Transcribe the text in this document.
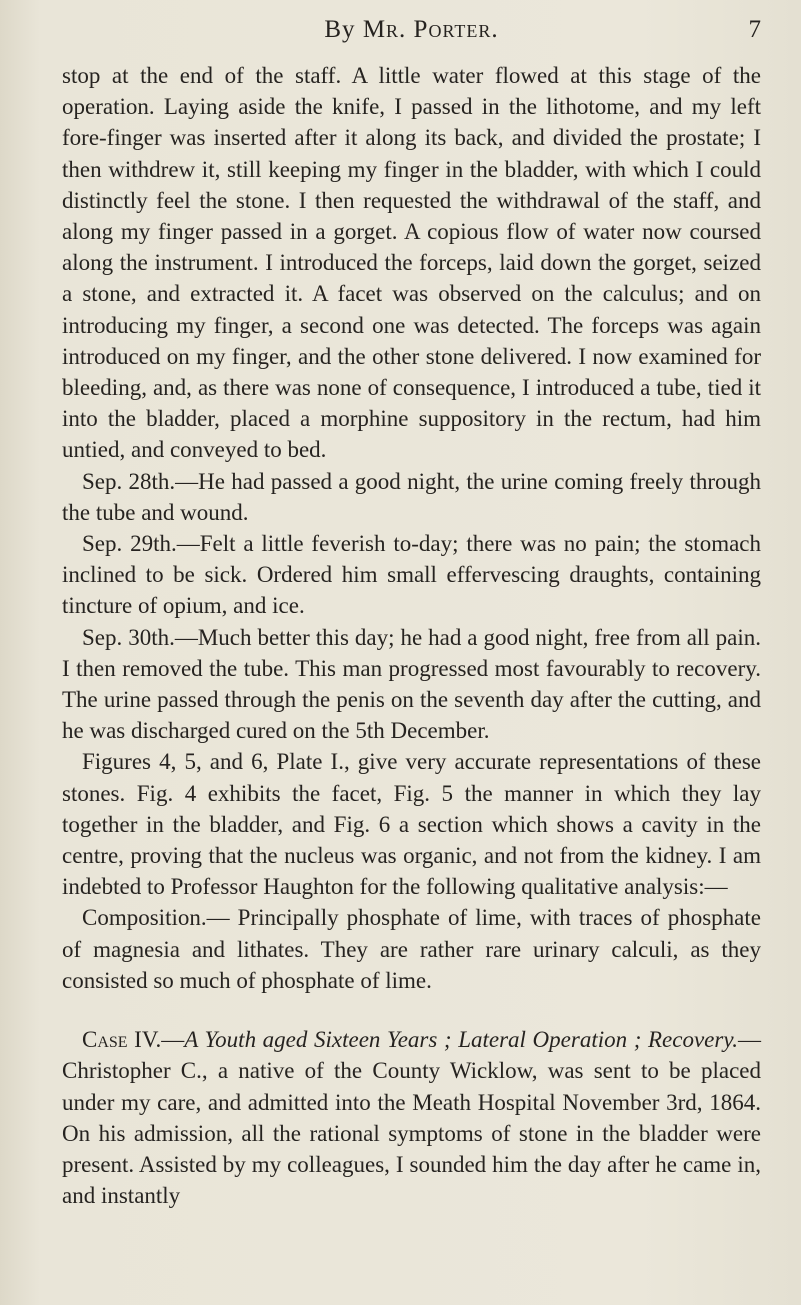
By Mr. Porter.	7

stop at the end of the staff. A little water flowed at this stage of the operation. Laying aside the knife, I passed in the lithotome, and my left fore-finger was inserted after it along its back, and divided the prostate; I then withdrew it, still keeping my finger in the bladder, with which I could distinctly feel the stone. I then requested the withdrawal of the staff, and along my finger passed in a gorget. A copious flow of water now coursed along the instrument. I introduced the forceps, laid down the gorget, seized a stone, and extracted it. A facet was observed on the calculus; and on introducing my finger, a second one was detected. The forceps was again introduced on my finger, and the other stone delivered. I now examined for bleeding, and, as there was none of consequence, I introduced a tube, tied it into the bladder, placed a morphine suppository in the rectum, had him untied, and conveyed to bed.

Sep. 28th.—He had passed a good night, the urine coming freely through the tube and wound.

Sep. 29th.—Felt a little feverish to-day; there was no pain; the stomach inclined to be sick. Ordered him small effervescing draughts, containing tincture of opium, and ice.

Sep. 30th.—Much better this day; he had a good night, free from all pain. I then removed the tube. This man progressed most favourably to recovery. The urine passed through the penis on the seventh day after the cutting, and he was discharged cured on the 5th December.

Figures 4, 5, and 6, Plate I., give very accurate representations of these stones. Fig. 4 exhibits the facet, Fig. 5 the manner in which they lay together in the bladder, and Fig. 6 a section which shows a cavity in the centre, proving that the nucleus was organic, and not from the kidney. I am indebted to Professor Haughton for the following qualitative analysis:—

Composition.— Principally phosphate of lime, with traces of phosphate of magnesia and lithates. They are rather rare urinary calculi, as they consisted so much of phosphate of lime.

Case IV.—A Youth aged Sixteen Years ; Lateral Operation ; Recovery.—Christopher C., a native of the County Wicklow, was sent to be placed under my care, and admitted into the Meath Hospital November 3rd, 1864. On his admission, all the rational symptoms of stone in the bladder were present. Assisted by my colleagues, I sounded him the day after he came in, and instantly
